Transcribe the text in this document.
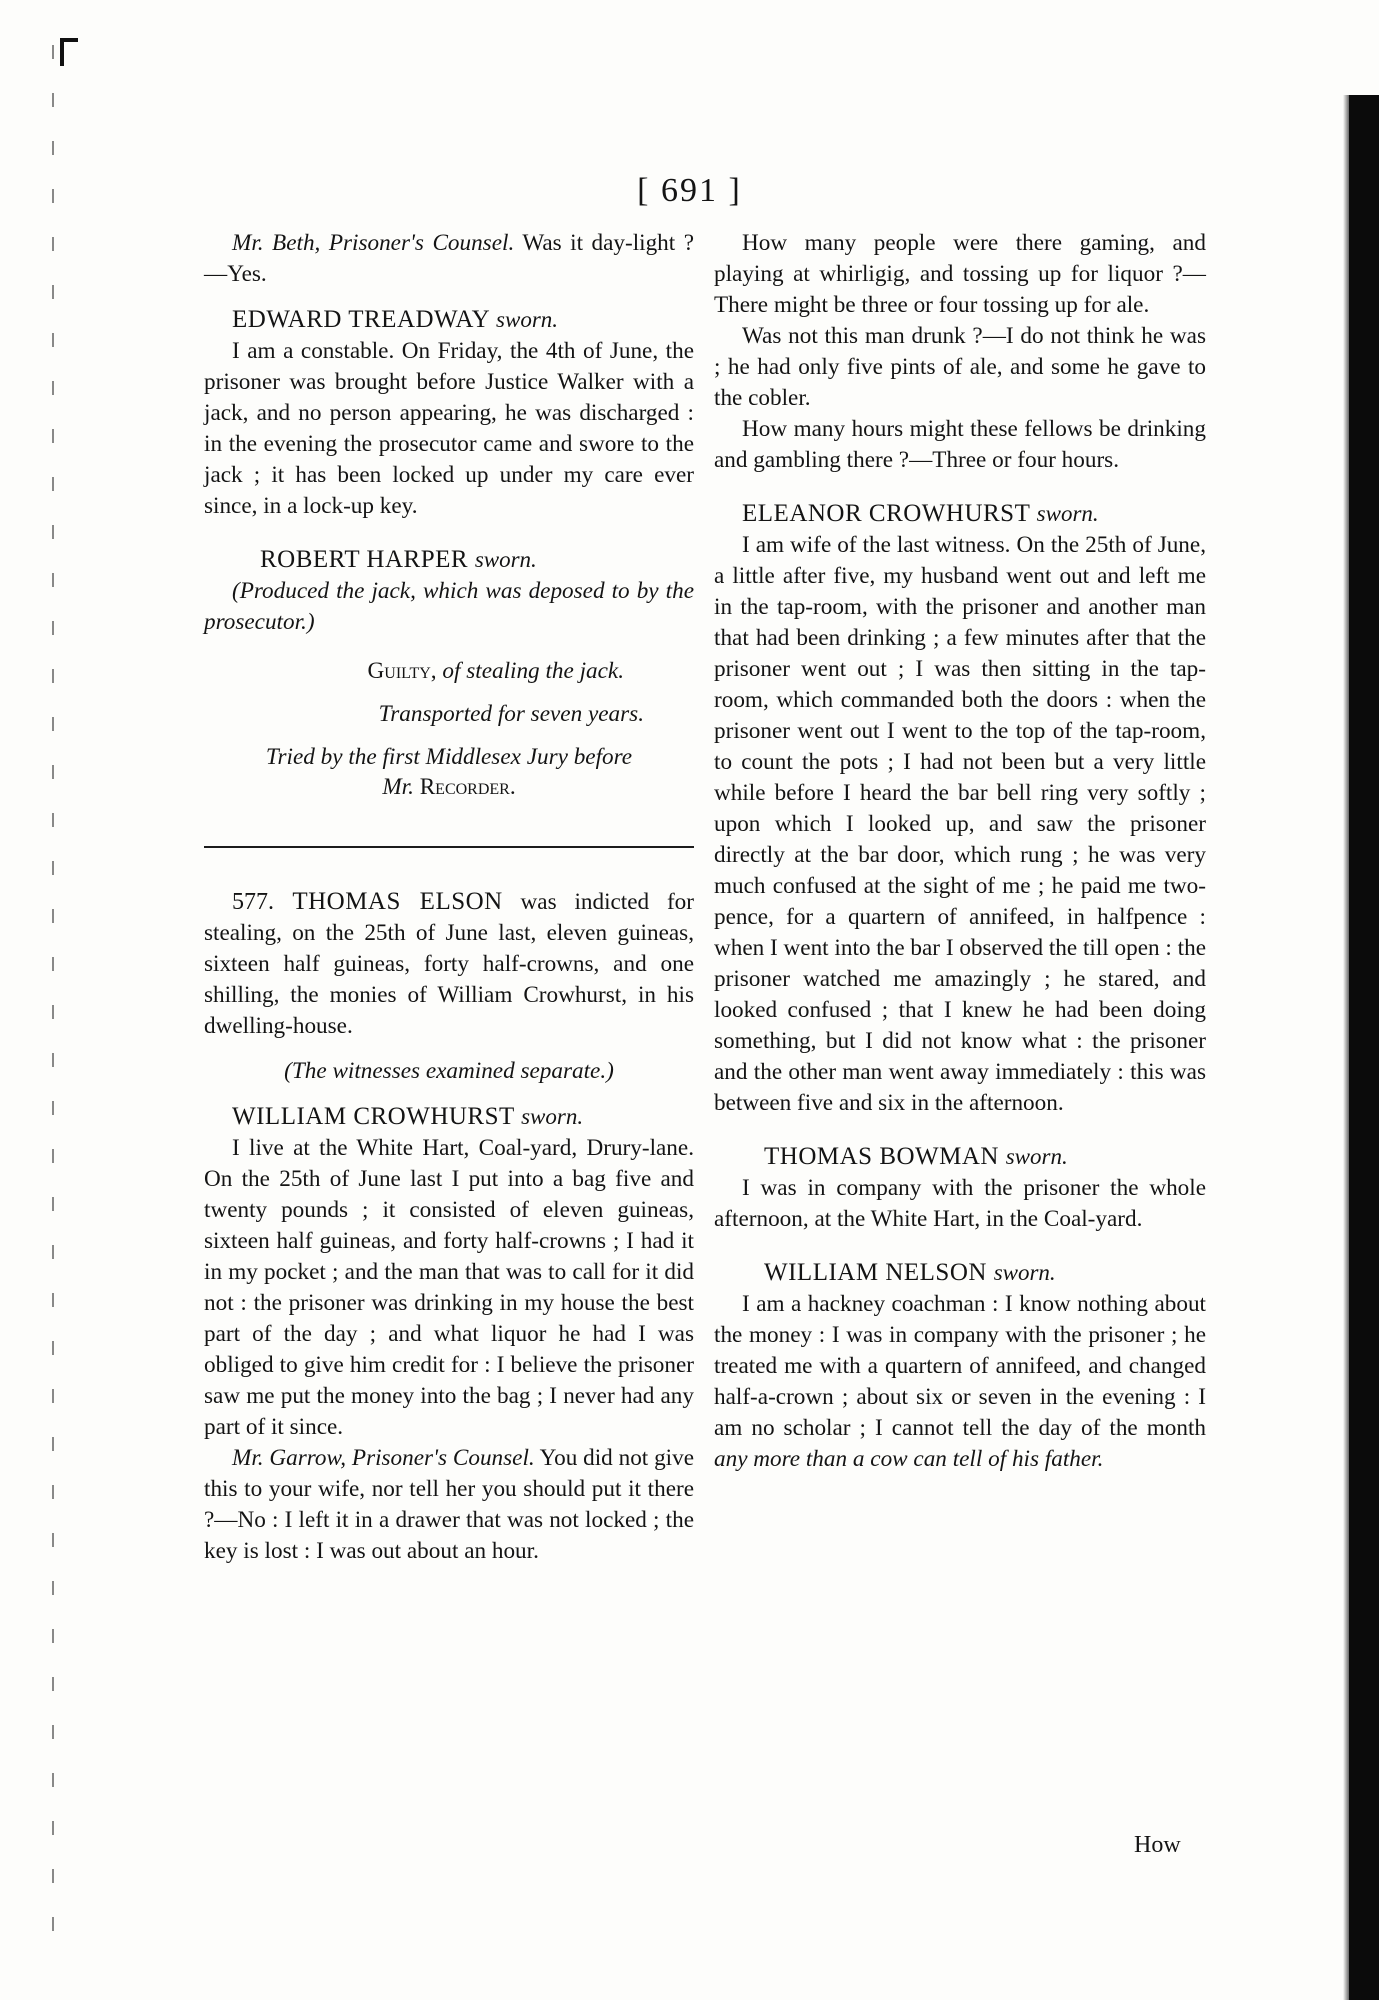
[ 691 ]

Mr. Beth, Prisoner's Counsel. Was it day-light ?—Yes.

EDWARD TREADWAY sworn.

I am a constable. On Friday, the 4th of June, the prisoner was brought before Justice Walker with a jack, and no person appearing, he was discharged : in the evening the prosecutor came and swore to the jack ; it has been locked up under my care ever since, in a lock-up key.

ROBERT HARPER sworn.

(Produced the jack, which was deposed to by the prosecutor.)

Guilty, of stealing the jack.

Transported for seven years.

Tried by the first Middlesex Jury before
Mr. Recorder.

577. THOMAS ELSON was indicted for stealing, on the 25th of June last, eleven guineas, sixteen half guineas, forty half-crowns, and one shilling, the monies of William Crowhurst, in his dwelling-house.

(The witnesses examined separate.)

WILLIAM CROWHURST sworn.

I live at the White Hart, Coal-yard, Drury-lane. On the 25th of June last I put into a bag five and twenty pounds ; it consisted of eleven guineas, sixteen half guineas, and forty half-crowns ; I had it in my pocket ; and the man that was to call for it did not : the prisoner was drinking in my house the best part of the day ; and what liquor he had I was obliged to give him credit for : I believe the prisoner saw me put the money into the bag ; I never had any part of it since.

Mr. Garrow, Prisoner's Counsel. You did not give this to your wife, nor tell her you should put it there ?—No : I left it in a drawer that was not locked ; the key is lost : I was out about an hour.

How many people were there gaming, and playing at whirligig, and tossing up for liquor ?—There might be three or four tossing up for ale.

Was not this man drunk ?—I do not think he was ; he had only five pints of ale, and some he gave to the cobler.

How many hours might these fellows be drinking and gambling there ?—Three or four hours.

ELEANOR CROWHURST sworn.

I am wife of the last witness. On the 25th of June, a little after five, my husband went out and left me in the tap-room, with the prisoner and another man that had been drinking ; a few minutes after that the prisoner went out ; I was then sitting in the tap-room, which commanded both the doors : when the prisoner went out I went to the top of the tap-room, to count the pots ; I had not been but a very little while before I heard the bar bell ring very softly ; upon which I looked up, and saw the prisoner directly at the bar door, which rung ; he was very much confused at the sight of me ; he paid me two-pence, for a quartern of annifeed, in halfpence : when I went into the bar I observed the till open : the prisoner watched me amazingly ; he stared, and looked confused ; that I knew he had been doing something, but I did not know what : the prisoner and the other man went away immediately : this was between five and six in the afternoon.

THOMAS BOWMAN sworn.

I was in company with the prisoner the whole afternoon, at the White Hart, in the Coal-yard.

WILLIAM NELSON sworn.

I am a hackney coachman : I know nothing about the money : I was in company with the prisoner ; he treated me with a quartern of annifeed, and changed half-a-crown ; about six or seven in the evening : I am no scholar ; I cannot tell the day of the month any more than a cow can tell of his father.

How
